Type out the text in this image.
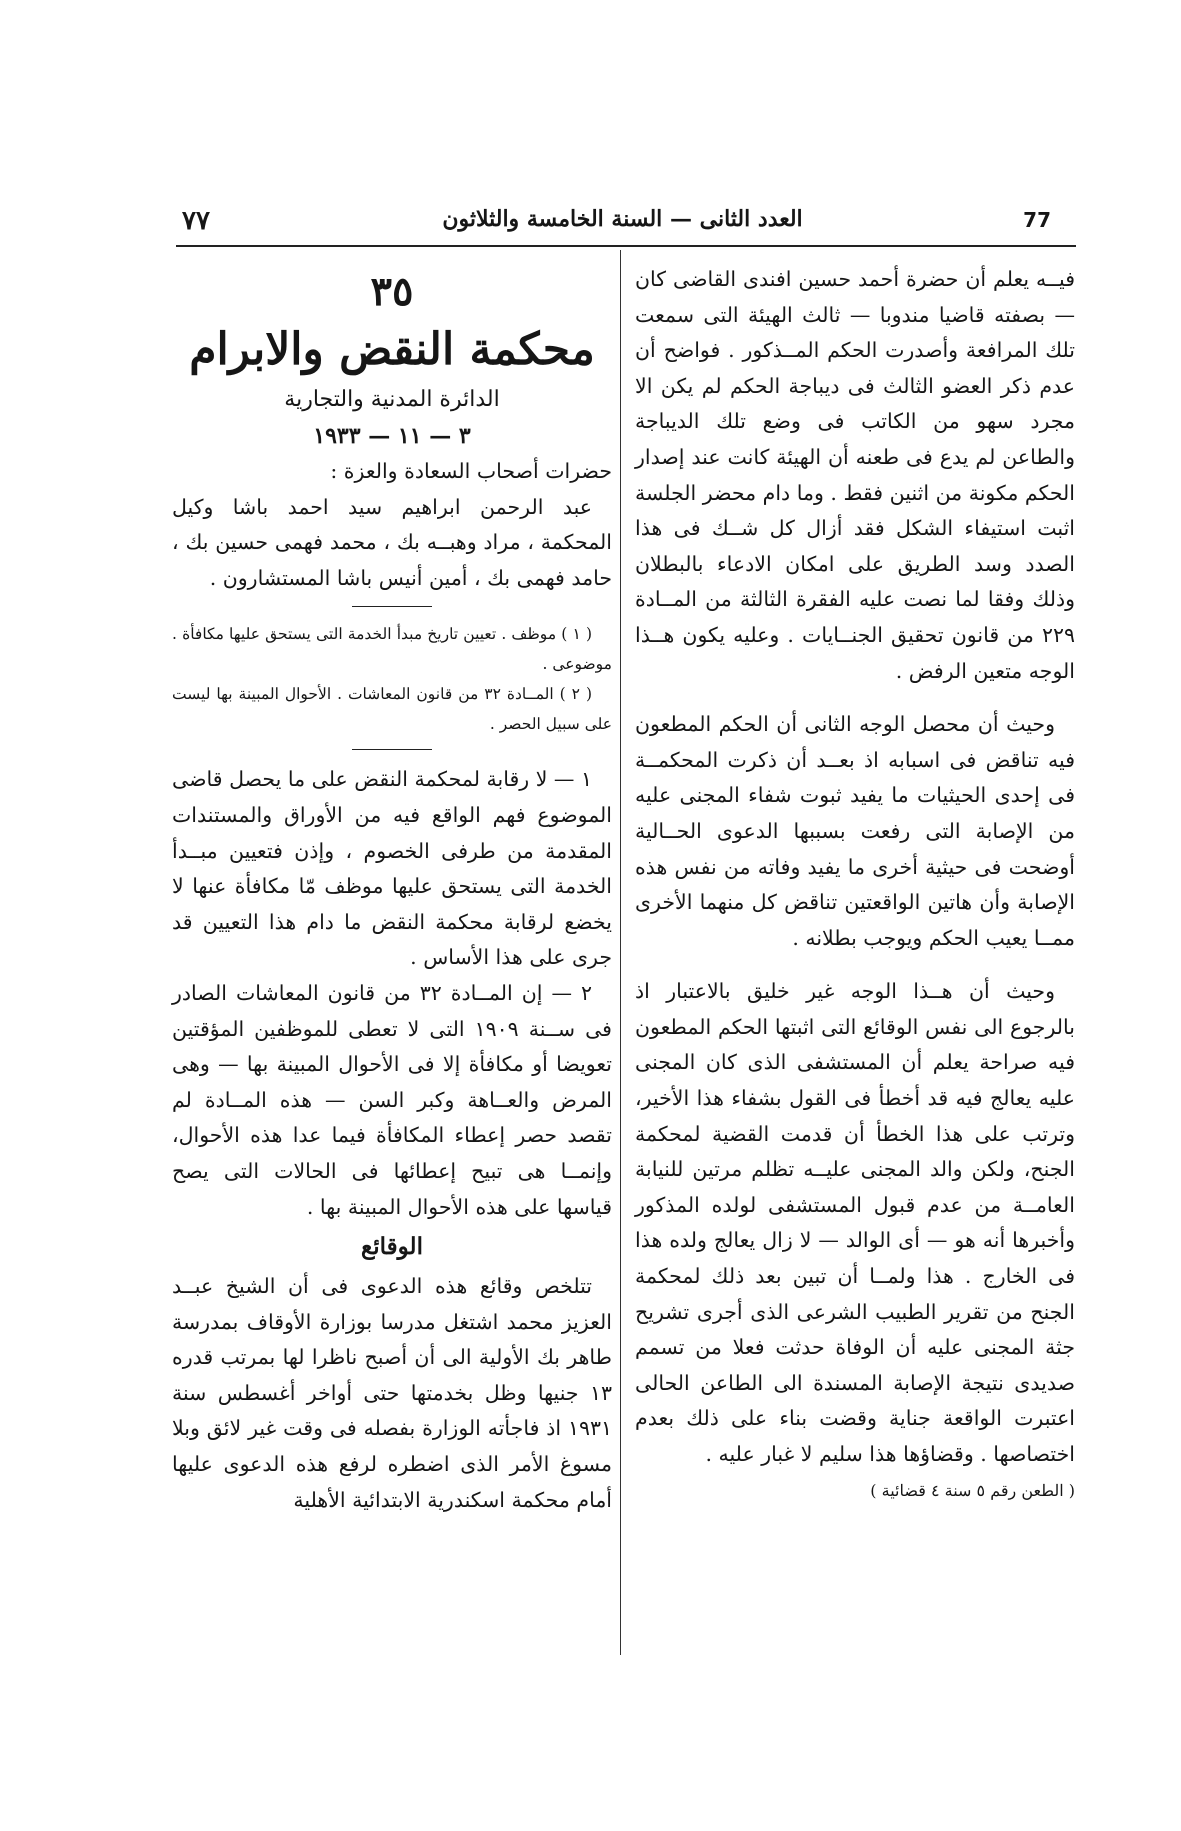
٧٧	العدد الثانى — السنة الخامسة والثلاثون	77

فيــه يعلم أن حضرة أحمد حسين افندى القاضى كان — بصفته قاضيا مندوبا — ثالث الهيئة التى سمعت تلك المرافعة وأصدرت الحكم المــذكور . فواضح أن عدم ذكر العضو الثالث فى ديباجة الحكم لم يكن الا مجرد سهو من الكاتب فى وضع تلك الديباجة والطاعن لم يدع فى طعنه أن الهيئة كانت عند إصدار الحكم مكونة من اثنين فقط . وما دام محضر الجلسة اثبت استيفاء الشكل فقد أزال كل شــك فى هذا الصدد وسد الطريق على امكان الادعاء بالبطلان وذلك وفقا لما نصت عليه الفقرة الثالثة من المــادة ٢٢٩ من قانون تحقيق الجنــايات . وعليه يكون هــذا الوجه متعين الرفض .

وحيث أن محصل الوجه الثانى أن الحكم المطعون فيه تناقض فى اسبابه اذ بعــد أن ذكرت المحكمــة فى إحدى الحيثيات ما يفيد ثبوت شفاء المجنى عليه من الإصابة التى رفعت بسببها الدعوى الحــالية أوضحت فى حيثية أخرى ما يفيد وفاته من نفس هذه الإصابة وأن هاتين الواقعتين تناقض كل منهما الأخرى ممــا يعيب الحكم ويوجب بطلانه .

وحيث أن هــذا الوجه غير خليق بالاعتبار اذ بالرجوع الى نفس الوقائع التى اثبتها الحكم المطعون فيه صراحة يعلم أن المستشفى الذى كان المجنى عليه يعالج فيه قد أخطأ فى القول بشفاء هذا الأخير، وترتب على هذا الخطأ أن قدمت القضية لمحكمة الجنح، ولكن والد المجنى عليــه تظلم مرتين للنيابة العامــة من عدم قبول المستشفى لولده المذكور وأخبرها أنه هو — أى الوالد — لا زال يعالج ولده هذا فى الخارج . هذا ولمــا أن تبين بعد ذلك لمحكمة الجنح من تقرير الطبيب الشرعى الذى أجرى تشريح جثة المجنى عليه أن الوفاة حدثت فعلا من تسمم صديدى نتيجة الإصابة المسندة الى الطاعن الحالى اعتبرت الواقعة جناية وقضت بناء على ذلك بعدم اختصاصها . وقضاؤها هذا سليم لا غبار عليه .

( الطعن رقم ٥ سنة ٤ قضائية )

٣٥
محكمة النقض والابرام
الدائرة المدنية والتجارية
٣ — ١١ — ١٩٣٣

حضرات أصحاب السعادة والعزة :

عبد الرحمن ابراهيم سيد احمد باشا وكيل المحكمة ، مراد وهبــه بك ، محمد فهمى حسين بك ، حامد فهمى بك ، أمين أنيس باشا المستشارون .

( ١ ) موظف . تعيين تاريخ مبدأ الخدمة التى يستحق عليها مكافأة . موضوعى .

( ٢ ) المــادة ٣٢ من قانون المعاشات . الأحوال المبينة بها ليست على سبيل الحصر .

١ — لا رقابة لمحكمة النقض على ما يحصل قاضى الموضوع فهم الواقع فيه من الأوراق والمستندات المقدمة من طرفى الخصوم ، وإذن فتعيين مبــدأ الخدمة التى يستحق عليها موظف مّا مكافأة عنها لا يخضع لرقابة محكمة النقض ما دام هذا التعيين قد جرى على هذا الأساس .

٢ — إن المــادة ٣٢ من قانون المعاشات الصادر فى ســنة ١٩٠٩ التى لا تعطى للموظفين المؤقتين تعويضا أو مكافأة إلا فى الأحوال المبينة بها — وهى المرض والعــاهة وكبر السن — هذه المــادة لم تقصد حصر إعطاء المكافأة فيما عدا هذه الأحوال، وإنمــا هى تبيح إعطائها فى الحالات التى يصح قياسها على هذه الأحوال المبينة بها .

الوقائع

تتلخص وقائع هذه الدعوى فى أن الشيخ عبــد العزيز محمد اشتغل مدرسا بوزارة الأوقاف بمدرسة طاهر بك الأولية الى أن أصبح ناظرا لها بمرتب قدره ١٣ جنيها وظل بخدمتها حتى أواخر أغسطس سنة ١٩٣١ اذ فاجأته الوزارة بفصله فى وقت غير لائق وبلا مسوغ الأمر الذى اضطره لرفع هذه الدعوى عليها أمام محكمة اسكندرية الابتدائية الأهلية
